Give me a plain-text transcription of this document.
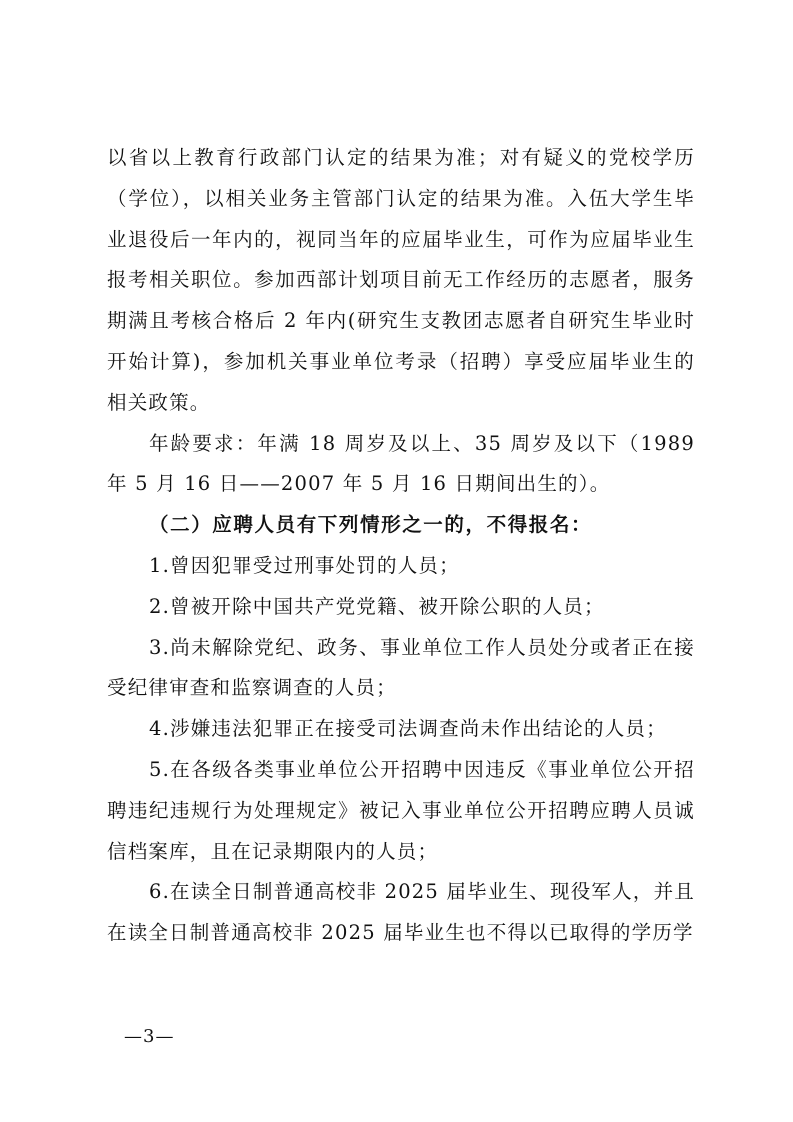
以省以上教育行政部门认定的结果为准；对有疑义的党校学历（学位），以相关业务主管部门认定的结果为准。入伍大学生毕业退役后一年内的，视同当年的应届毕业生，可作为应届毕业生报考相关职位。参加西部计划项目前无工作经历的志愿者，服务期满且考核合格后 2 年内(研究生支教团志愿者自研究生毕业时开始计算)，参加机关事业单位考录（招聘）享受应届毕业生的相关政策。

年龄要求：年满 18 周岁及以上、35 周岁及以下（1989 年 5 月 16 日——2007 年 5 月 16 日期间出生的）。

（二）应聘人员有下列情形之一的，不得报名：

1.曾因犯罪受过刑事处罚的人员；

2.曾被开除中国共产党党籍、被开除公职的人员；

3.尚未解除党纪、政务、事业单位工作人员处分或者正在接受纪律审查和监察调查的人员；

4.涉嫌违法犯罪正在接受司法调查尚未作出结论的人员；

5.在各级各类事业单位公开招聘中因违反《事业单位公开招聘违纪违规行为处理规定》被记入事业单位公开招聘应聘人员诚信档案库，且在记录期限内的人员；

6.在读全日制普通高校非 2025 届毕业生、现役军人，并且在读全日制普通高校非 2025 届毕业生也不得以已取得的学历学

—3—
